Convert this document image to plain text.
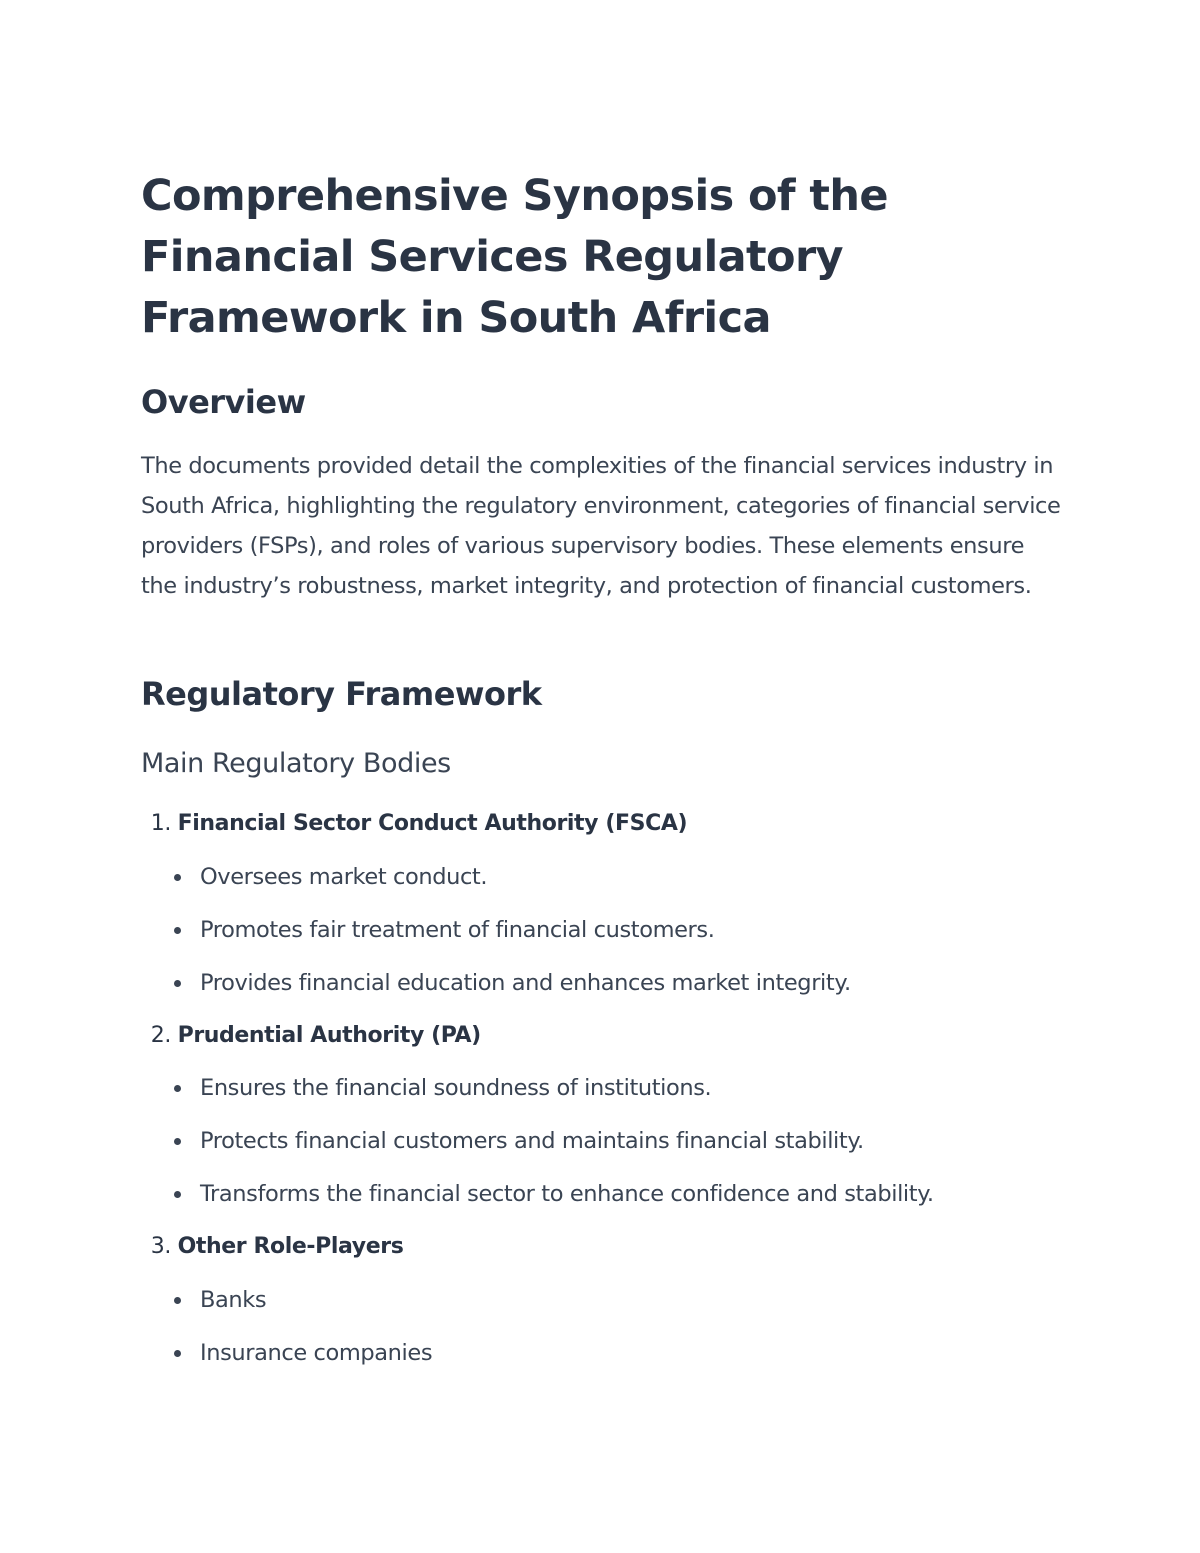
Comprehensive Synopsis of the
Financial Services Regulatory
Framework in South Africa
Overview

The documents provided detail the complexities of the financial services industry in South Africa, highlighting the regulatory environment, categories of financial service providers (FSPs), and roles of various supervisory bodies. These elements ensure the industry’s robustness, market integrity, and protection of financial customers.

Regulatory Framework
Main Regulatory Bodies
1. Financial Sector Conduct Authority (FSCA)
Oversees market conduct.
Promotes fair treatment of financial customers.
Provides financial education and enhances market integrity.
2. Prudential Authority (PA)
Ensures the financial soundness of institutions.
Protects financial customers and maintains financial stability.
Transforms the financial sector to enhance confidence and stability.
3. Other Role-Players
Banks
Insurance companies
